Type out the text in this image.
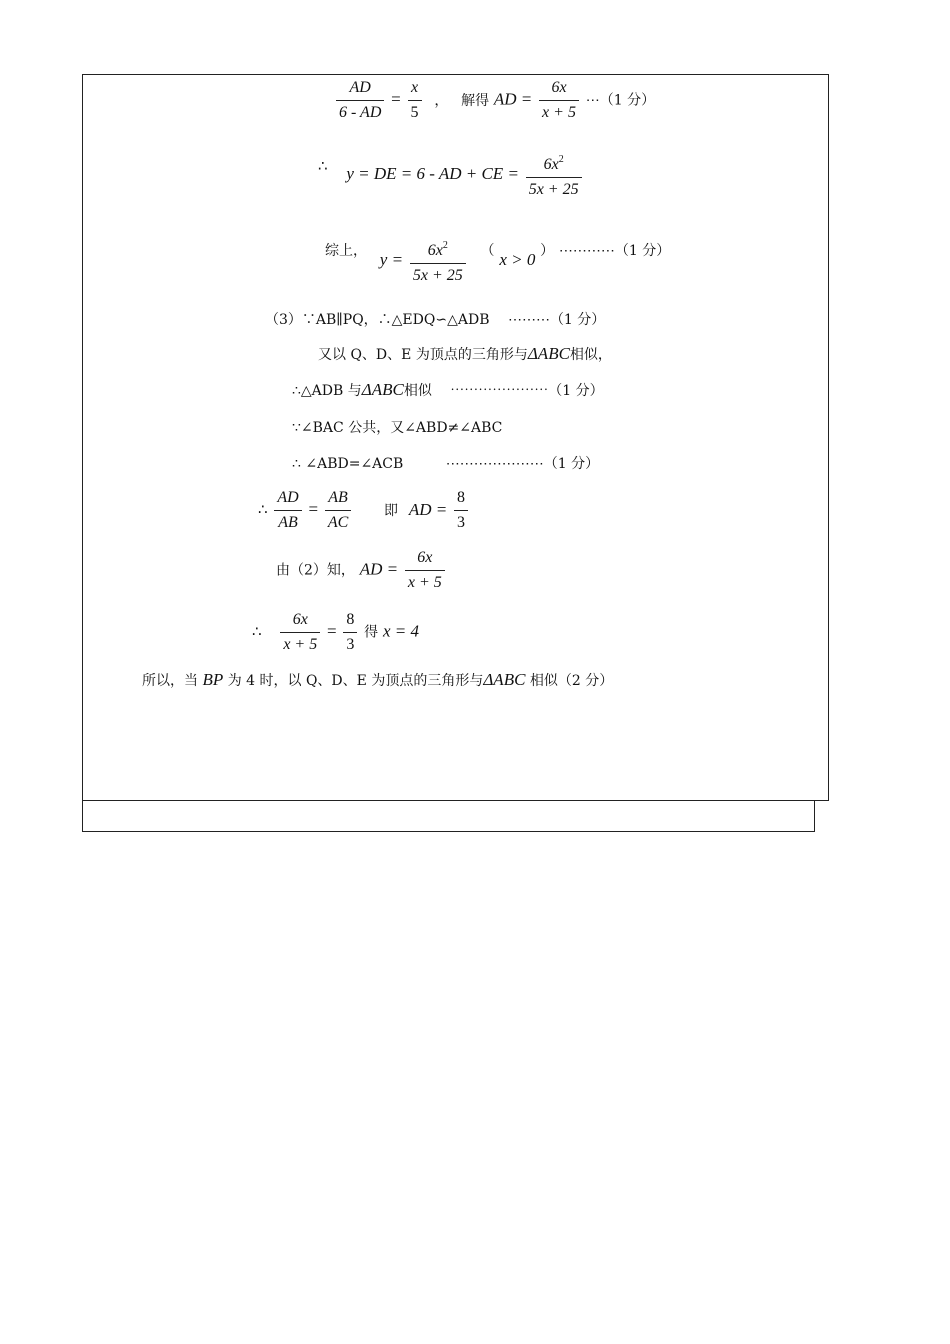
$\frac{AD}{6 - AD} = \frac{x}{5}$ ， 解得 AD = $\frac{6x}{x + 5}$ ⋯（1 分）
∴ y = DE = 6 - AD + CE = $\frac{6x^2}{5x + 25}$
综上， $y = \frac{6x^2}{5x + 25}$ （ x > 0 ） ⋯⋯⋯⋯（1 分）
（3）∵AB∥PQ，∴△EDQ∽△ADB ⋯⋯⋯（1 分）
又以 Q、D、E 为顶点的三角形与ΔABC相似，
∴△ADB 与ΔABC相似 ⋯⋯⋯⋯⋯⋯⋯（1 分）
∵∠BAC 公共，又∠ABD≠∠ABC
∴ ∠ABD=∠ACB	⋯⋯⋯⋯⋯⋯⋯（1 分）
∴ $\frac{AD}{AB} = \frac{AB}{AC}$ 即 AD = $\frac{8}{3}$
由（2）知， AD = $\frac{6x}{x + 5}$
∴ $\frac{6x}{x + 5} = \frac{8}{3}$ 得 x = 4
所以，当 BP 为 4 时，以 Q、D、E 为顶点的三角形与ΔABC 相似（2 分）
